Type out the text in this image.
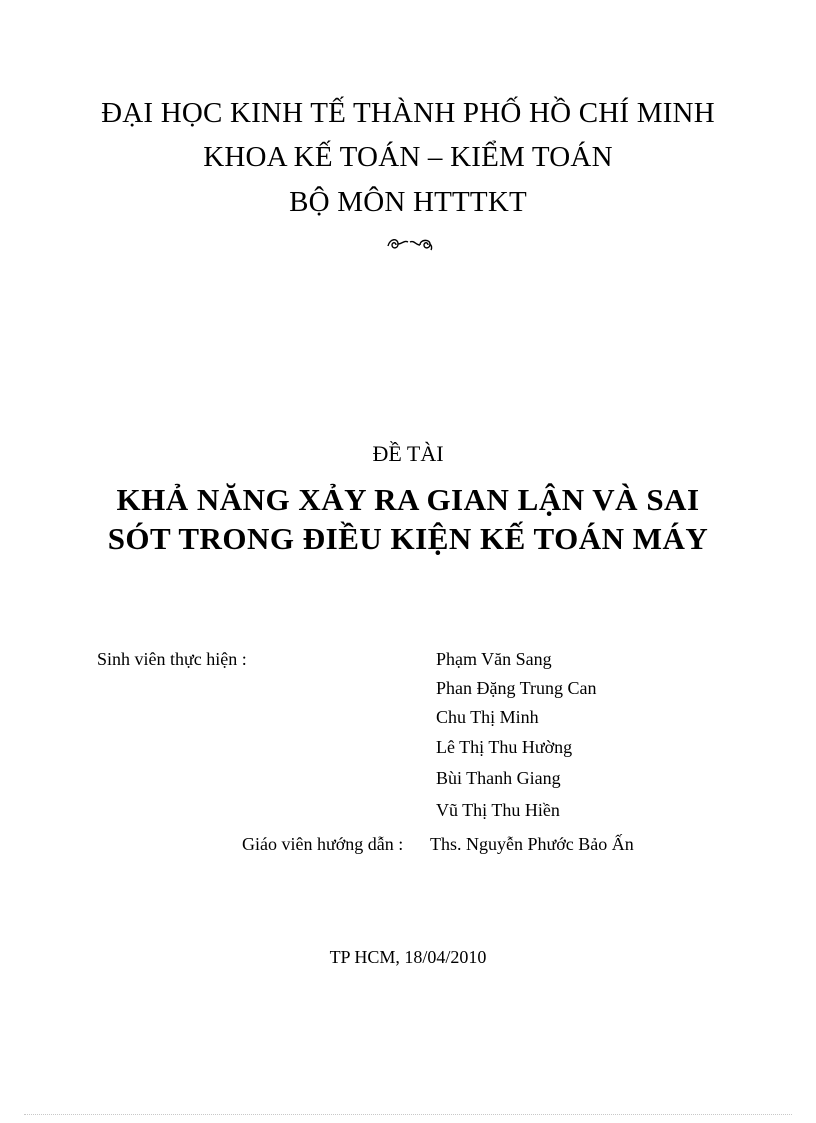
ĐẠI HỌC KINH TẾ THÀNH PHỐ HỒ CHÍ MINH
KHOA KẾ TOÁN – KIỂM TOÁN
BỘ MÔN HTTTKT
ĐỀ TÀI
KHẢ NĂNG XẢY RA GIAN LẬN VÀ SAI
SÓT TRONG ĐIỀU KIỆN KẾ TOÁN MÁY
Sinh viên thực hiện :	Phạm Văn Sang
Phan Đặng Trung Can
Chu Thị Minh
Lê Thị Thu Hường
Bùi Thanh Giang
Vũ Thị Thu Hiền
Giáo viên hướng dẫn : Ths. Nguyễn Phước Bảo Ấn
TP HCM, 18/04/2010
